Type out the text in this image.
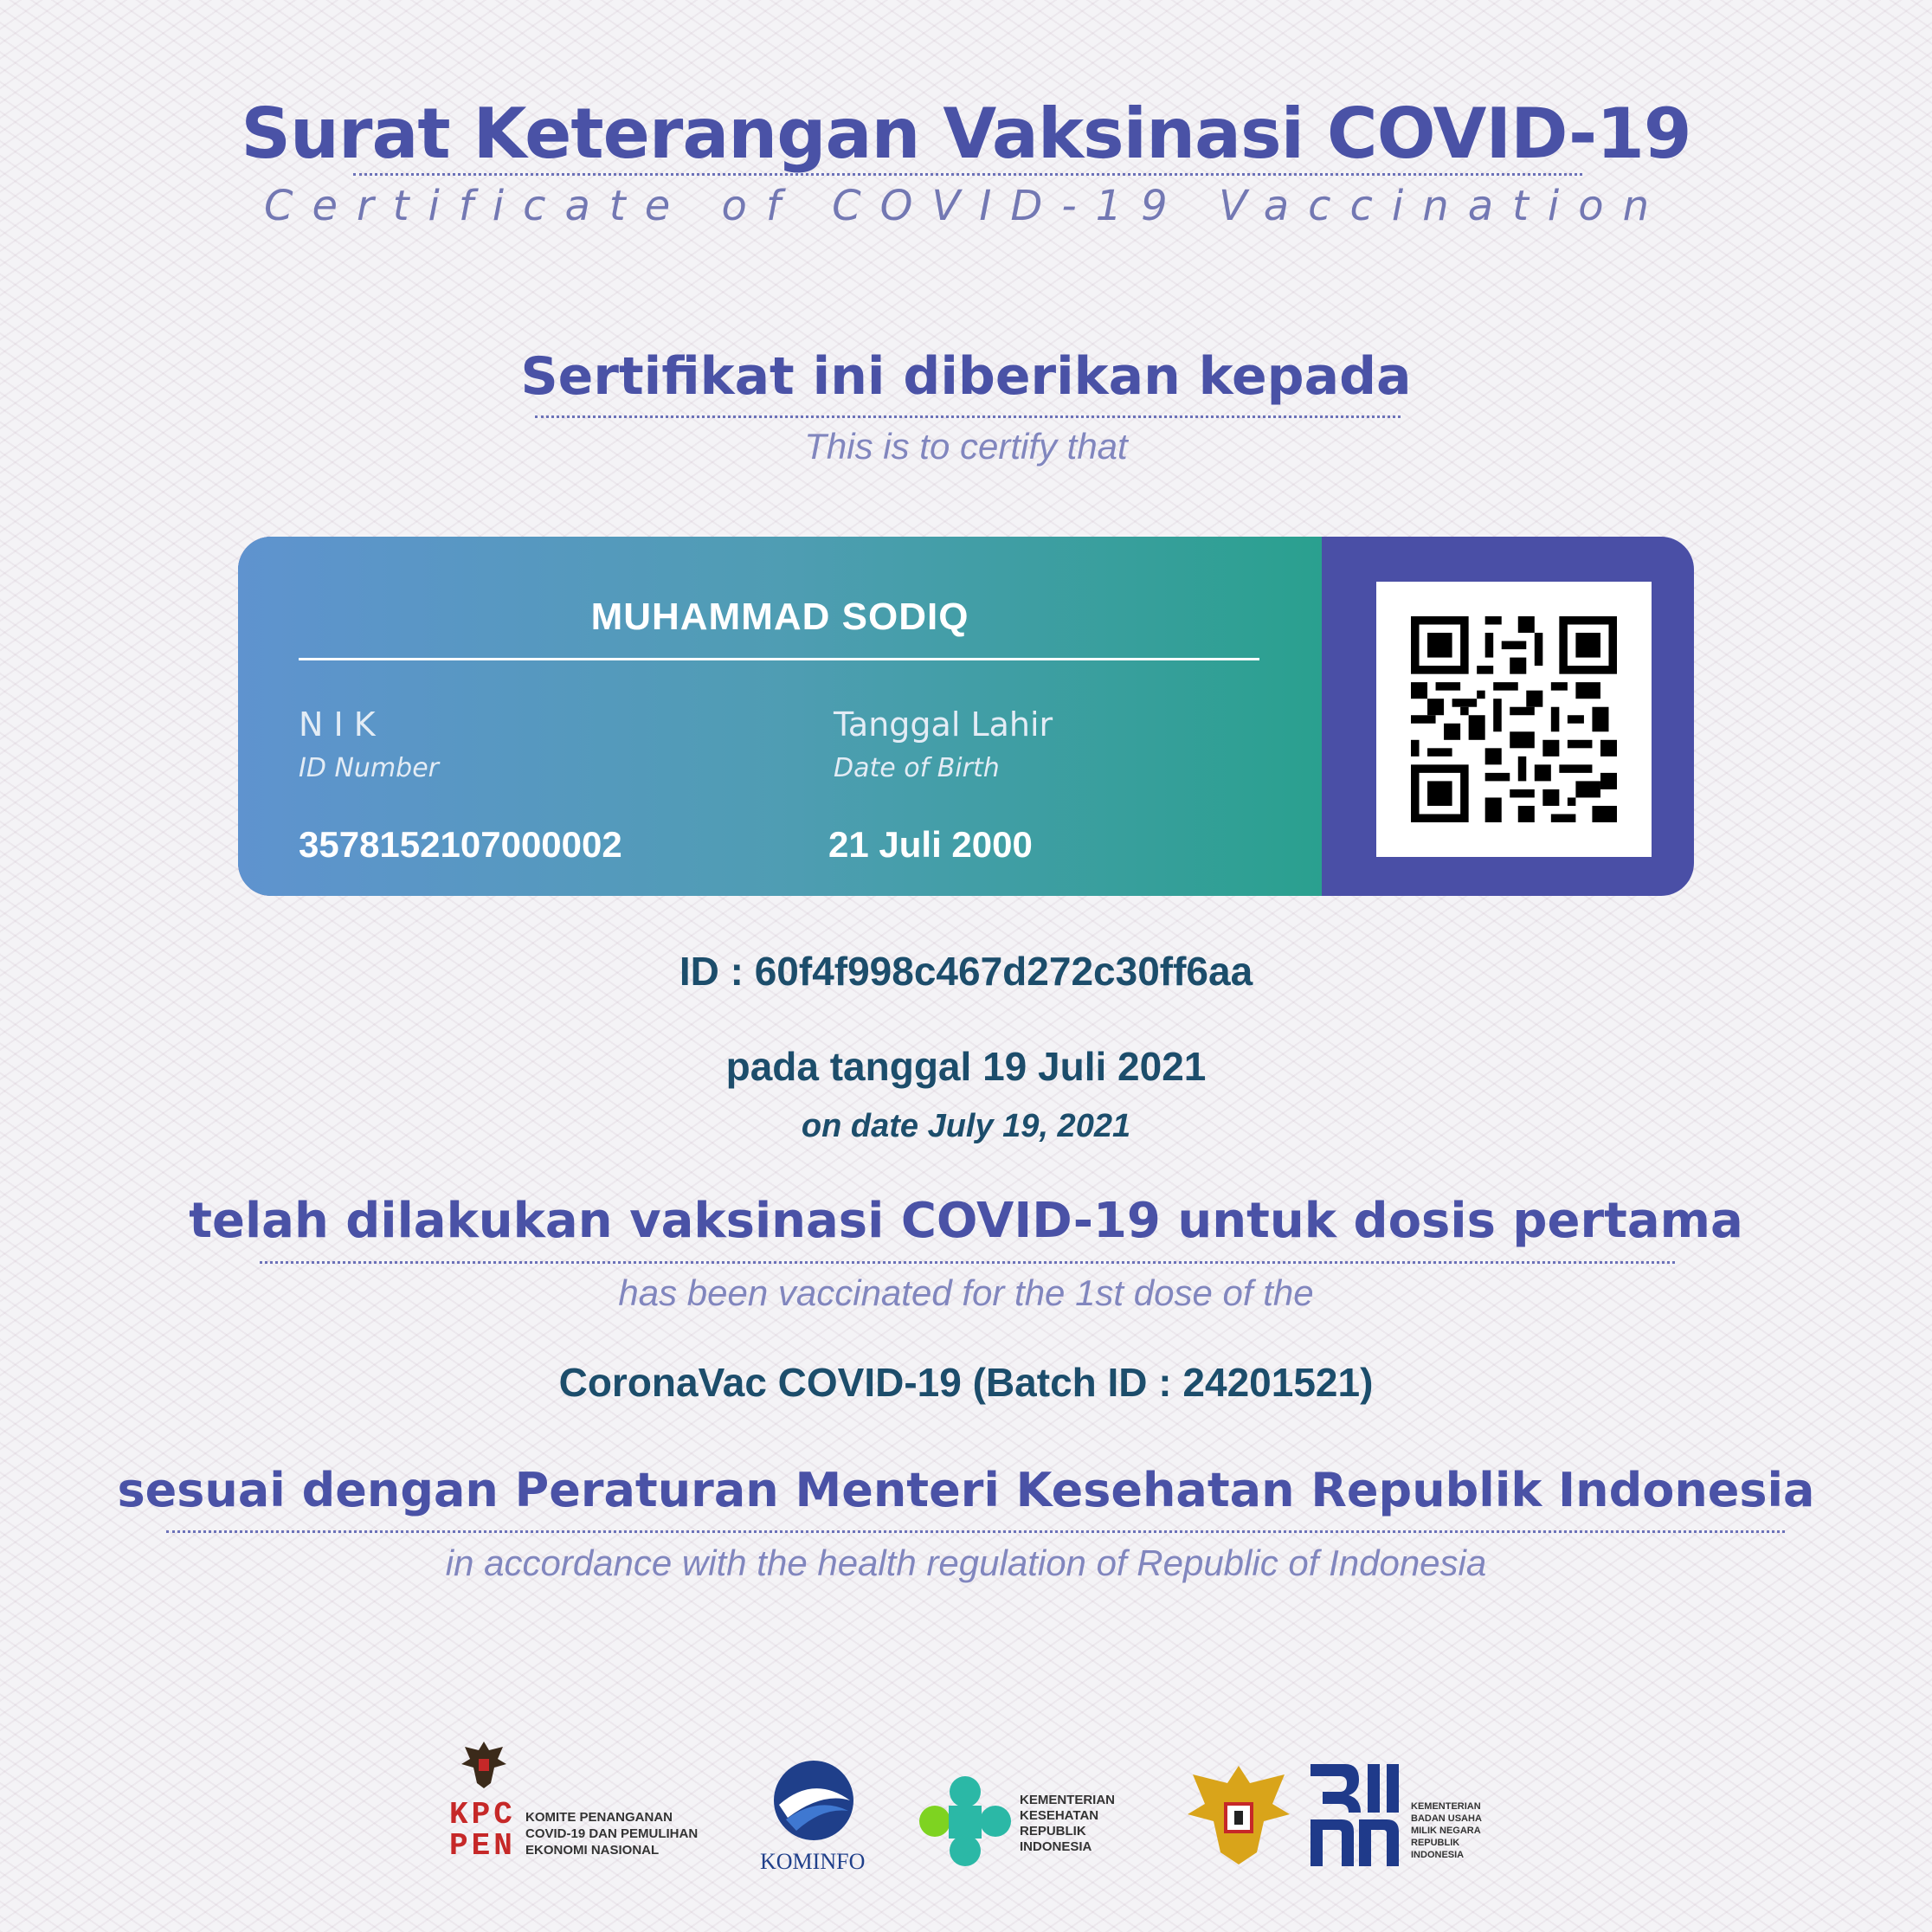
Surat Keterangan Vaksinasi COVID-19
Certificate of COVID-19 Vaccination
Sertifikat ini diberikan kepada
This is to certify that
MUHAMMAD SODIQ
N I K
ID Number
3578152107000002
Tanggal Lahir
Date of Birth
21 Juli 2000
ID : 60f4f998c467d272c30ff6aa
pada tanggal 19 Juli 2021
on date July 19, 2021
telah dilakukan vaksinasi COVID-19 untuk dosis pertama
has been vaccinated for the 1st dose of the
CoronaVac COVID-19 (Batch ID : 24201521)
sesuai dengan Peraturan Menteri Kesehatan Republik Indonesia
in accordance with the health regulation of Republic of Indonesia
KPC
PEN
KOMITE PENANGANAN
COVID-19 DAN PEMULIHAN
EKONOMI NASIONAL	KOMINFO
KEMENTERIAN
KESEHATAN
REPUBLIK
INDONESIA
KEMENTERIAN
BADAN USAHA
MILIK NEGARA
REPUBLIK
INDONESIA
